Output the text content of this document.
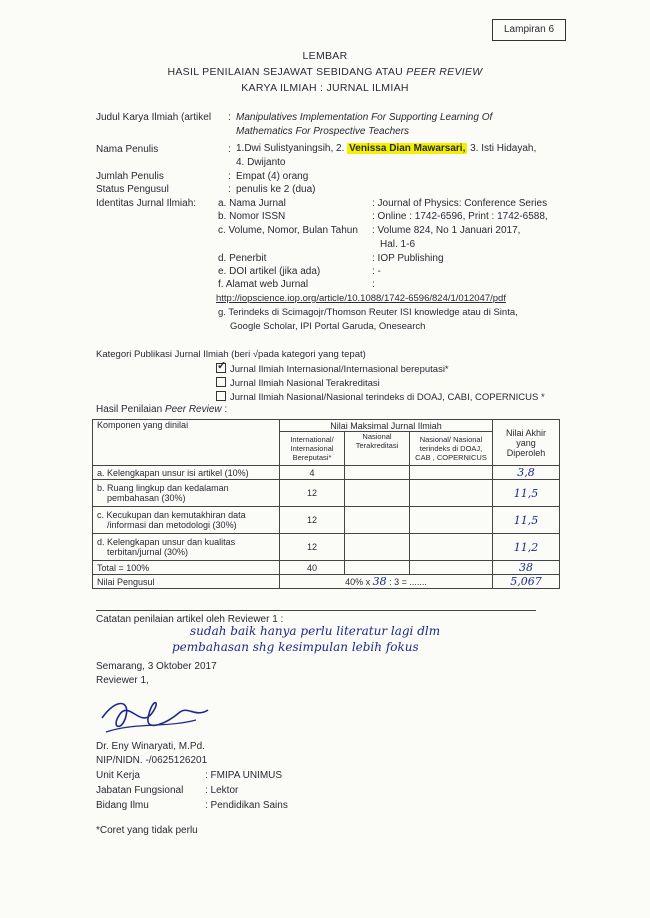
Lampiran 6
LEMBAR
HASIL PENILAIAN SEJAWAT SEBIDANG ATAU PEER REVIEW
KARYA ILMIAH : JURNAL ILMIAH
Judul Karya Ilmiah (artikel : Manipulatives Implementation For Supporting Learning Of
Mathematics For Prospective Teachers
Nama Penulis	: 1.Dwi Sulistyaningsih, 2. Venissa Dian Mawarsari, 3. Isti Hidayah,
4. Dwijanto
Jumlah Penulis	: Empat (4) orang
Status Pengusul	: penulis ke 2 (dua)
Identitas Jurnal Ilmiah: a. Nama Jurnal	: Journal of Physics: Conference Series
b. Nomor ISSN	: Online : 1742-6596, Print : 1742-6588,
c. Volume, Nomor, Bulan Tahun : Volume 824, No 1 Januari 2017,
Hal. 1-6
d. Penerbit	: IOP Publishing
e. DOI artikel (jika ada)	: -
f. Alamat web Jurnal	:
http://iopscience.iop.org/article/10.1088/1742-6596/824/1/012047/pdf
g. Terindeks di Scimagojr/Thomson Reuter ISI knowledge atau di Sinta,
Google Scholar, IPI Portal Garuda, Onesearch
Kategori Publikasi Jurnal Ilmiah (beri √pada kategori yang tepat)
✓Jurnal Ilmiah Internasional/Internasional bereputasi*
Jurnal Ilmiah Nasional Terakreditasi
Jurnal Ilmiah Nasional/Nasional terindeks di DOAJ, CABI, COPERNICUS *
Hasil Penilaian Peer Review :
Komponen yang dinilai	Nilai Maksimal Jurnal Ilmiah			Nilai Akhir yang Diperoleh
	International/ Internasional Bereputasi*	Nasional Terakreditasi	Nasional/ Nasional terindeks di DOAJ, CAB , COPERNICUS	
a. Kelengkapan unsur isi artikel (10%)	4			3,8
b. Ruang lingkup dan kedalaman
pembahasan (30%)	12			11,5
c. Kecukupan dan kemutakhiran data
/informasi dan metodologi (30%)	12			11,5
d. Kelengkapan unsur dan kualitas
terbitan/jurnal (30%)	12			11,2
Total = 100%	40			38
Nilai Pengusul	40% x 38 : 3 = .......			5,067
Catatan penilaian artikel oleh Reviewer 1 :
sudah baik hanya perlu literatur lagi dlm
pembahasan shg kesimpulan lebih fokus
Semarang, 3 Oktober 2017
Reviewer 1,
Dr. Eny Winaryati, M.Pd.
NIP/NIDN. -/0625126201
Unit Kerja	: FMIPA UNIMUS
Jabatan Fungsional : Lektor
Bidang Ilmu	: Pendidikan Sains
*Coret yang tidak perlu
